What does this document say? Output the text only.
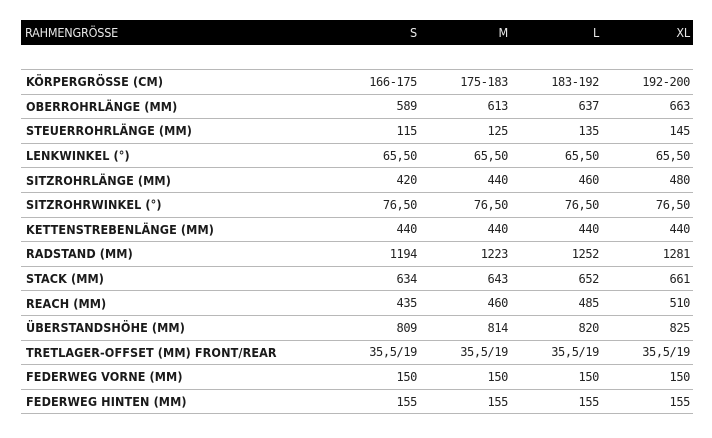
RAHMENGRÖSSE	S	M	L	XL
KÖRPERGRÖSSE (CM)	166-175	175-183	183-192	192-200
OBERROHRLÄNGE (MM)	589	613	637	663
STEUERROHRLÄNGE (MM)	115	125	135	145
LENKWINKEL (°)	65,50	65,50	65,50	65,50
SITZROHRLÄNGE (MM)	420	440	460	480
SITZROHRWINKEL (°)	76,50	76,50	76,50	76,50
KETTENSTREBENLÄNGE (MM)	440	440	440	440
RADSTAND (MM)	1194	1223	1252	1281
STACK (MM)	634	643	652	661
REACH (MM)	435	460	485	510
ÜBERSTANDSHÖHE (MM)	809	814	820	825
TRETLAGER-OFFSET (MM) FRONT/REAR	35,5/19	35,5/19	35,5/19	35,5/19
FEDERWEG VORNE (MM)	150	150	150	150
FEDERWEG HINTEN (MM)	155	155	155	155
